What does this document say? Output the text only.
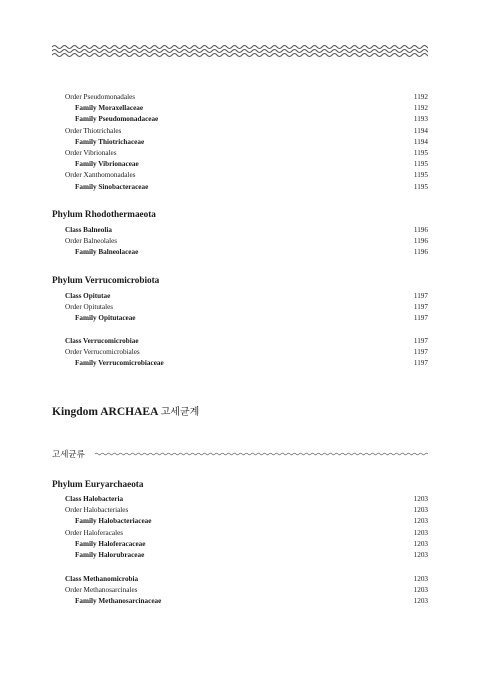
Order Pseudomonadales	1192
Family Moraxellaceae	1192
Family Pseudomonadaceae	1193
Order Thiotrichales	1194
Family Thiotrichaceae	1194
Order Vibrionales	1195
Family Vibrionaceae	1195
Order Xanthomonadales	1195
Family Sinobacteraceae	1195
Phylum Rhodothermaeota
Class Balneolia	1196
Order Balneolales	1196
Family Balneolaceae	1196
Phylum Verrucomicrobiota
Class Opitutae	1197
Order Opitutales	1197
Family Opitutaceae	1197
Class Verrucomicrobiae	1197
Order Verrucomicrobiales	1197
Family Verrucomicrobiaceae	1197
Kingdom ARCHAEA 고세균계
고세균류
Phylum Euryarchaeota
Class Halobacteria	1203
Order Halobacteriales	1203
Family Halobacteriaceae	1203
Order Haloferacales	1203
Family Haloferacaceae	1203
Family Halorubraceae	1203
Class Methanomicrobia	1203
Order Methanosarcinales	1203
Family Methanosarcinaceae	1203
